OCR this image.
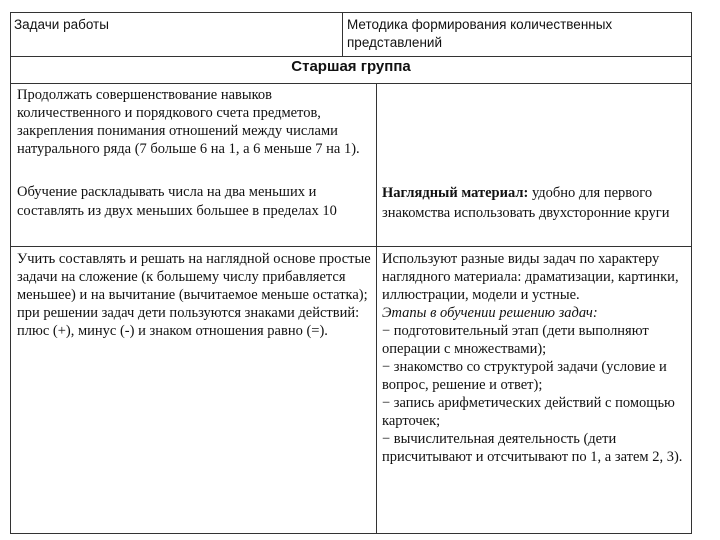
Задачи работы	Методика формирования количественных представлений
Старшая группа
Продолжать совершенствование навыков количественного и порядкового счета предметов, закрепления понимания отношений между числами натурального ряда (7 больше 6 на 1, а 6 меньше 7 на 1).
Обучение раскладывать числа на два меньших и составлять из двух меньших большее в пределах 10
Наглядный материал: удобно для первого знакомства использовать двухсторонние круги
Учить составлять и решать на наглядной основе простые задачи на сложение (к большему числу прибавляется меньшее) и на вычитание (вычитаемое меньше остатка); при решении задач дети пользуются знаками действий: плюс (+), минус (-) и знаком отношения равно (=).
Используют разные виды задач по характеру наглядного материала: драматизации, картинки, иллюстрации, модели и устные.
Этапы в обучении решению задач:
− подготовительный этап (дети выполняют операции с множествами);
− знакомство со структурой задачи (условие и вопрос, решение и ответ);
− запись арифметических действий с помощью карточек;
− вычислительная деятельность (дети присчитывают и отсчитывают по 1, а затем 2, 3).
